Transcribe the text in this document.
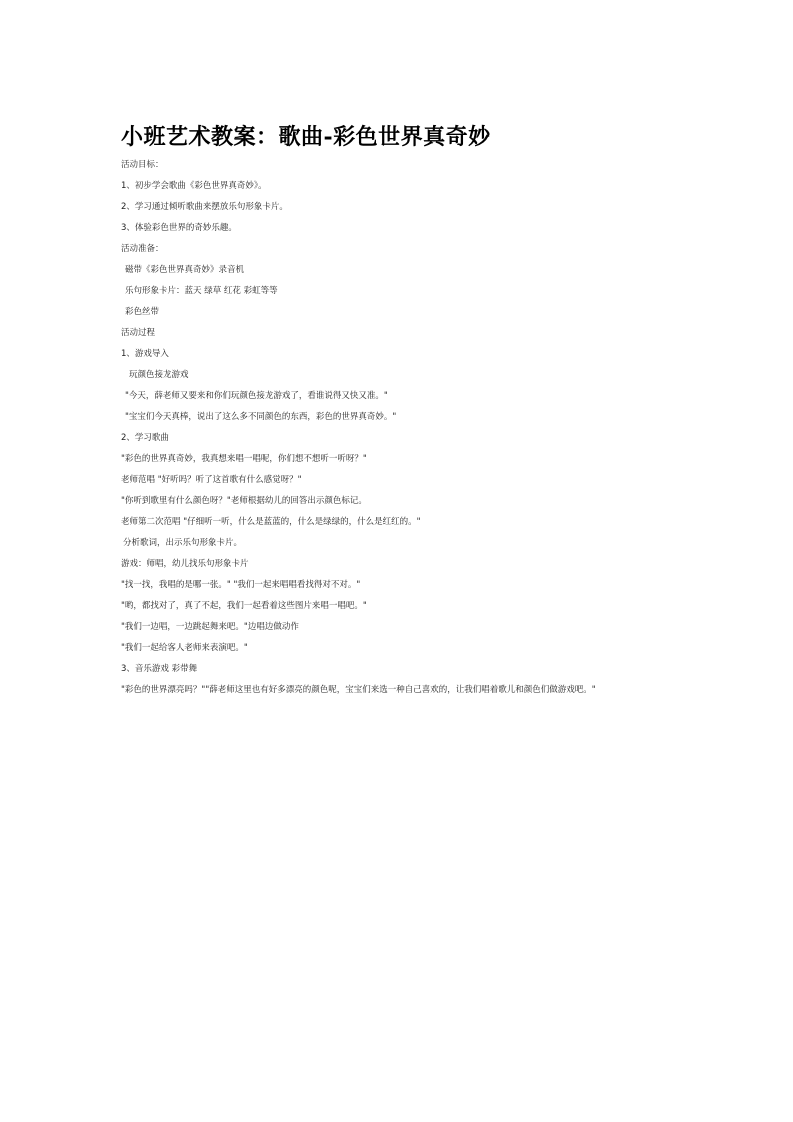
小班艺术教案：歌曲-彩色世界真奇妙
活动目标：
1、初步学会歌曲《彩色世界真奇妙》。
2、学习通过倾听歌曲来摆放乐句形象卡片。
3、体验彩色世界的奇妙乐趣。
活动准备：
磁带《彩色世界真奇妙》录音机
乐句形象卡片：蓝天 绿草 红花 彩虹等等
彩色丝带
活动过程
1、游戏导入
玩颜色接龙游戏
"今天，薛老师又要来和你们玩颜色接龙游戏了，看谁说得又快又准。"
"宝宝们今天真棒，说出了这么多不同颜色的东西，彩色的世界真奇妙。"
2、学习歌曲
"彩色的世界真奇妙，我真想来唱一唱呢，你们想不想听一听呀？"
老师范唱 "好听吗？听了这首歌有什么感觉呀？"
"你听到歌里有什么颜色呀？"老师根据幼儿的回答出示颜色标记。
老师第二次范唱 "仔细听一听，什么是蓝蓝的，什么是绿绿的，什么是红红的。"
分析歌词，出示乐句形象卡片。
游戏：师唱，幼儿找乐句形象卡片
"找一找，我唱的是哪一张。" "我们一起来唱唱看找得对不对。"
"哟，都找对了，真了不起，我们一起看着这些图片来唱一唱吧。"
"我们一边唱，一边跳起舞来吧。"边唱边做动作
"我们一起给客人老师来表演吧。"
3、音乐游戏 彩带舞
"彩色的世界漂亮吗？""薛老师这里也有好多漂亮的颜色呢，宝宝们来选一种自己喜欢的，让我们唱着歌儿和颜色们做游戏吧。"
